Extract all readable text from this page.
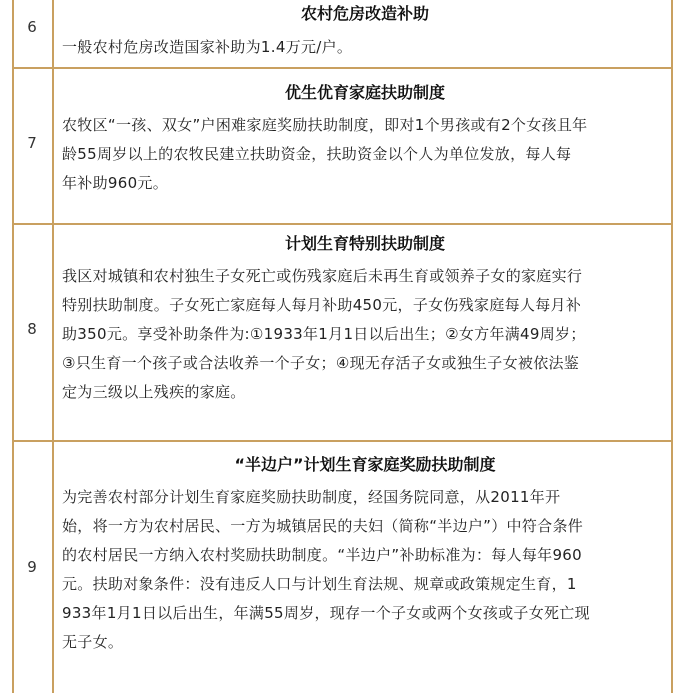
6
农村危房改造补助
一般农村危房改造国家补助为1.4万元/户。
7
优生优育家庭扶助制度
农牧区“一孩、双女”户困难家庭奖励扶助制度，即对1个男孩或有2个女孩且年
龄55周岁以上的农牧民建立扶助资金，扶助资金以个人为单位发放，每人每
年补助960元。
8
计划生育特别扶助制度
我区对城镇和农村独生子女死亡或伤残家庭后未再生育或领养子女的家庭实行
特别扶助制度。子女死亡家庭每人每月补助450元，子女伤残家庭每人每月补
助350元。享受补助条件为:①1933年1月1日以后出生；②女方年满49周岁；
③只生育一个孩子或合法收养一个子女；④现无存活子女或独生子女被依法鉴
定为三级以上残疾的家庭。
9
“半边户”计划生育家庭奖励扶助制度
为完善农村部分计划生育家庭奖励扶助制度，经国务院同意，从2011年开
始，将一方为农村居民、一方为城镇居民的夫妇（简称“半边户”）中符合条件
的农村居民一方纳入农村奖励扶助制度。“半边户”补助标准为：每人每年960
元。扶助对象条件：没有违反人口与计划生育法规、规章或政策规定生育，1
933年1月1日以后出生，年满55周岁，现存一个子女或两个女孩或子女死亡现
无子女。
